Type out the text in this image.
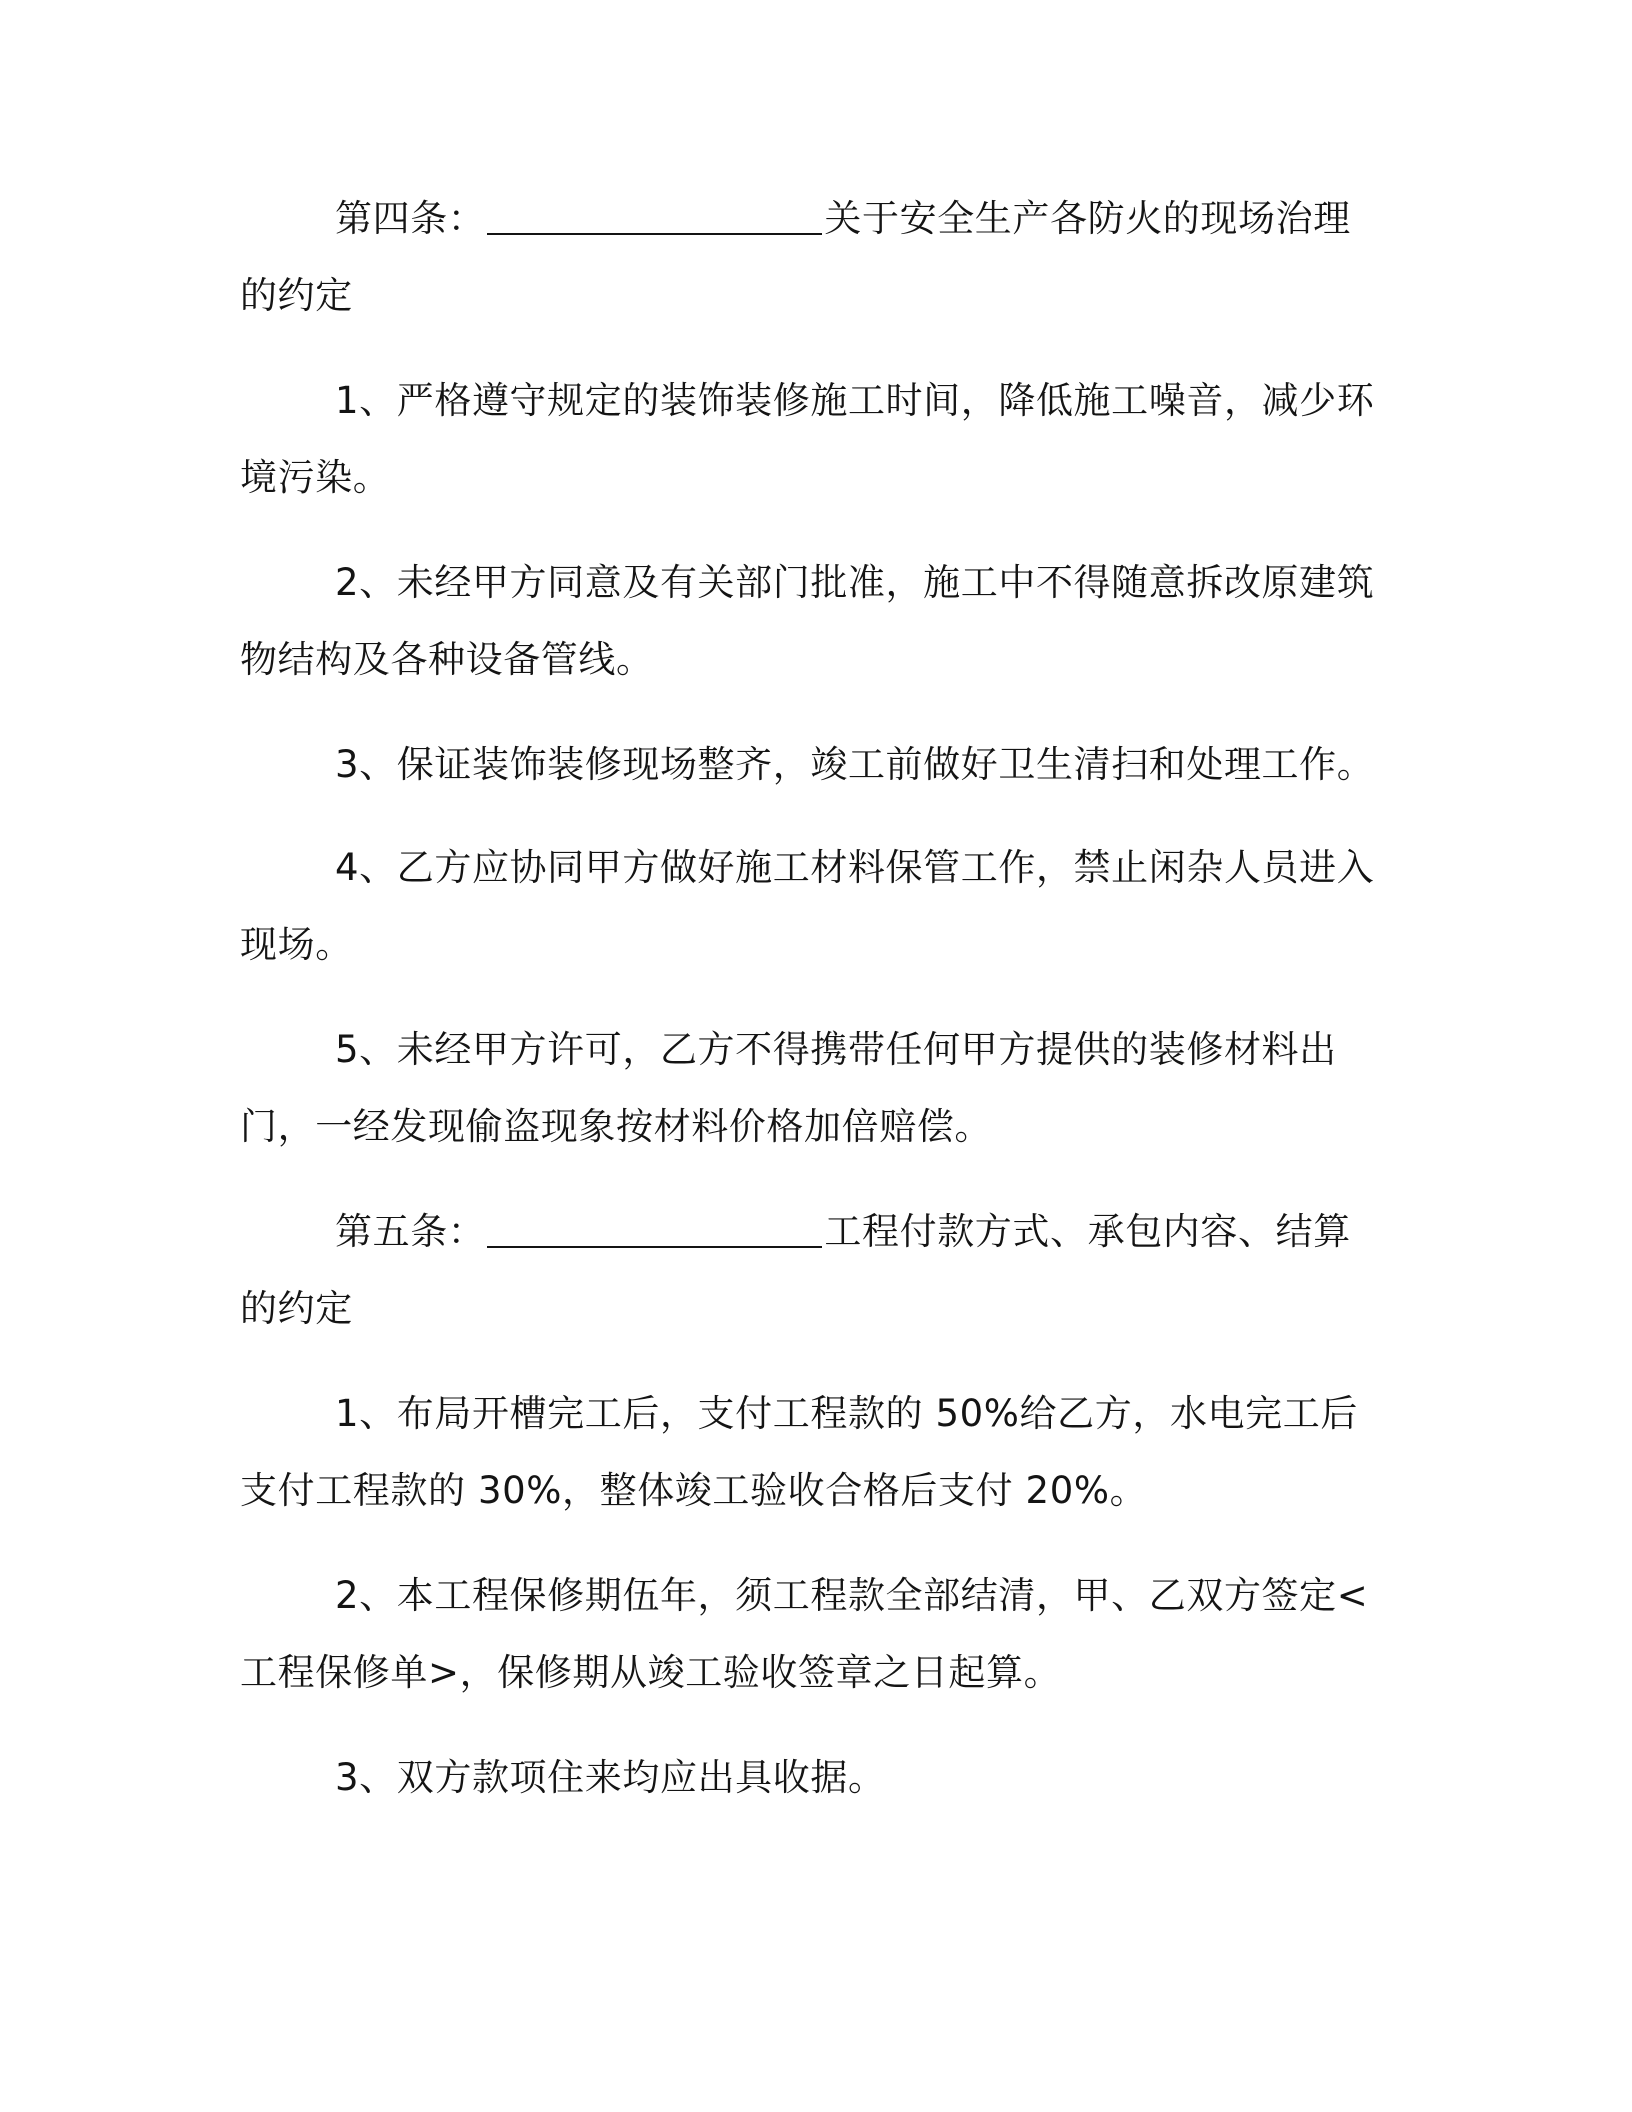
第四条：	关于安全生产各防火的现场治理的约定

1、严格遵守规定的装饰装修施工时间，降低施工噪音，减少环境污染。

2、未经甲方同意及有关部门批准，施工中不得随意拆改原建筑物结构及各种设备管线。

3、保证装饰装修现场整齐，竣工前做好卫生清扫和处理工作。

4、乙方应协同甲方做好施工材料保管工作，禁止闲杂人员进入现场。

5、未经甲方许可，乙方不得携带任何甲方提供的装修材料出门，一经发现偷盗现象按材料价格加倍赔偿。

第五条：	工程付款方式、承包内容、结算的约定

1、布局开槽完工后，支付工程款的 50%给乙方，水电完工后支付工程款的 30%，整体竣工验收合格后支付 20%。

2、本工程保修期伍年，须工程款全部结清，甲、乙双方签定<工程保修单>，保修期从竣工验收签章之日起算。

3、双方款项住来均应出具收据。
